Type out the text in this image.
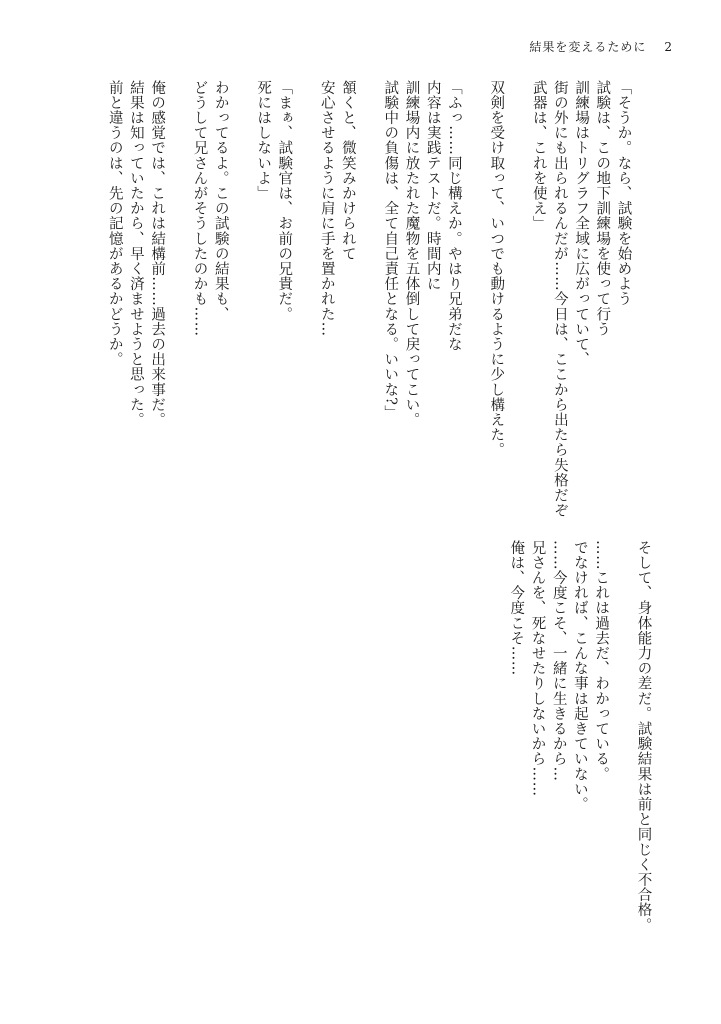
結果を変えるために 2
「そうか。なら、試験を始めよう
試験は、この地下訓練場を使って行う
訓練場はトリグラフ全域に広がっていて、
街の外にも出られるんだが……今日は、ここから出たら失格だぞ
武器は、これを使え」
双剣を受け取って、いつでも動けるように少し構えた。
「ふっ……同じ構えか。やはり兄弟だな
内容は実践テストだ。時間内に
訓練場内に放たれた魔物を五体倒して戻ってこい。
試験中の負傷は、全て自己責任となる。いいな?」
頷くと、微笑みかけられて
安心させるように肩に手を置かれた…
「まぁ、試験官は、お前の兄貴だ。
死にはしないよ」
わかってるよ。この試験の結果も、
どうして兄さんがそうしたのかも……
俺の感覚では、これは結構前……過去の出来事だ。
結果は知っていたから、早く済ませようと思った。
前と違うのは、先の記憶があるかどうか。
そして、身体能力の差だ。試験結果は前と同じく不合格。
……これは過去だ、わかっている。
でなければ、こんな事は起きていない。
……今度こそ、一緒に生きるから…
兄さんを、死なせたりしないから……
俺は、今度こそ……
